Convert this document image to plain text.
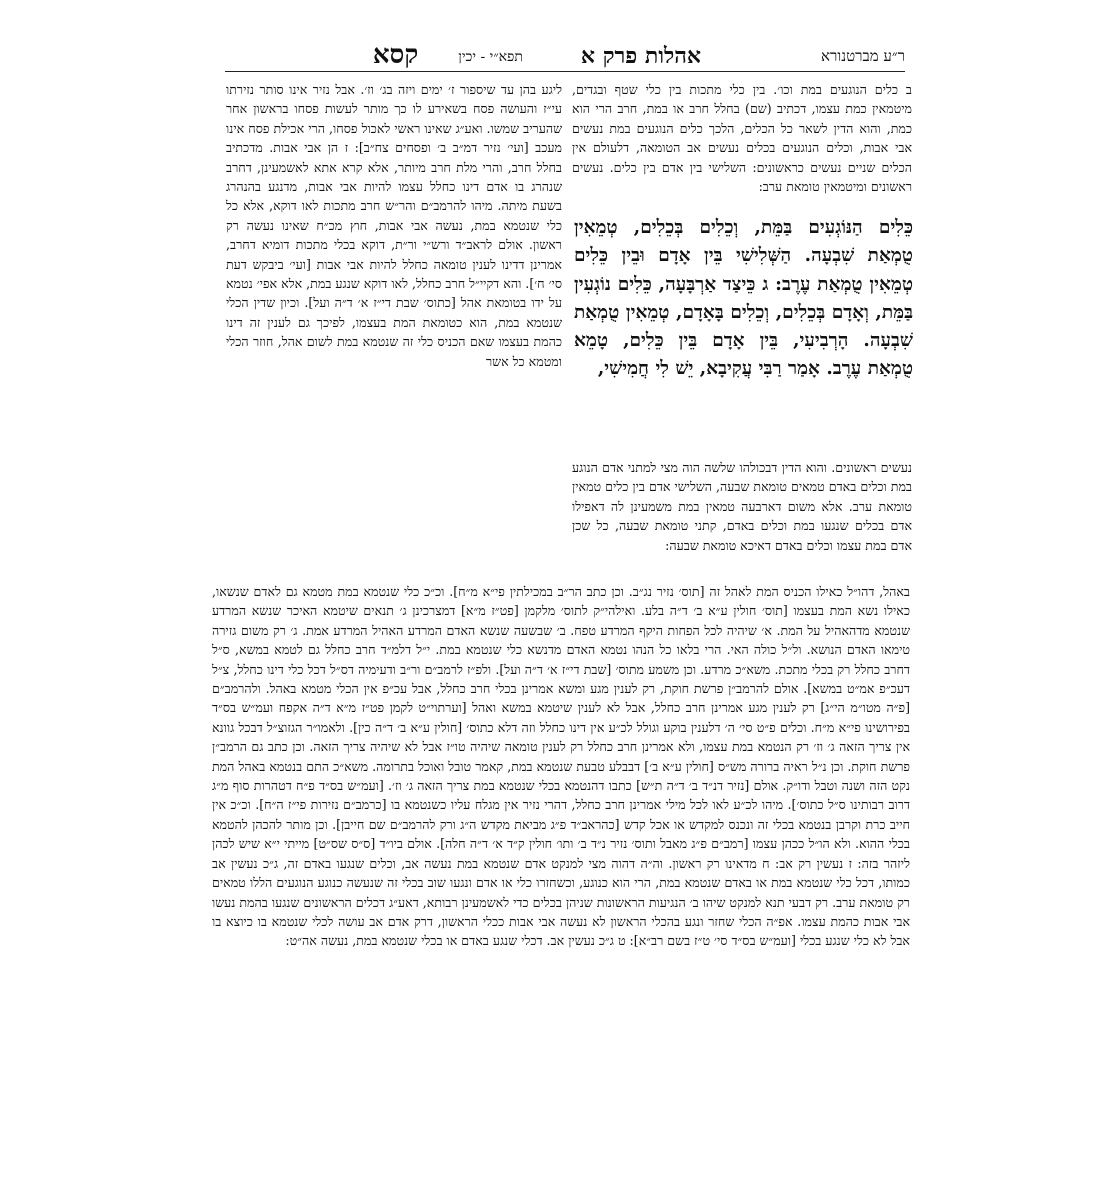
ר״ע מברטנורא
אהלות פרק א
תפא״י - יכין
קסא
ב כלים הנוגעים במת וכו׳. בין כלי מתכות בין כלי שטף ובגדים, מיטמאין כמת עצמו, דכתיב (שם) בחלל חרב או במת, חרב הרי הוא כמת, והוא הדין לשאר כל הכלים, הלכך כלים הנוגעים במת נעשים אבי אבות, וכלים הנוגעים בכלים נעשים אב הטומאה, דלעולם אין הכלים שניים נעשים כראשונים: השלישי בין אדם בין כלים. נעשים ראשונים ומיטמאין טומאת ערב:
כֵּלִים הַנּוֹגְעִים בַּמֵּת, וְכֵלִים בְּכֵלִים, טְמֵאִין טֻמְאַת שִׁבְעָה. הַשְּׁלִישִׁי בֵּין אָדָם וּבֵין כֵּלִים טְמֵאִין טֻמְאַת עֶרֶב: ג כֵּיצַד אַרְבָּעָה, כֵּלִים נוֹגְעִין בַּמֵּת, וְאָדָם בְּכֵלִים, וְכֵלִים בָּאָדָם, טְמֵאִין טֻמְאַת שִׁבְעָה. הָרְבִיעִי, בֵּין אָדָם בֵּין כֵּלִים, טָמֵא טֻמְאַת עֶרֶב. אָמַר רַבִּי עֲקִיבָא, יֵשׁ לִי חֲמִישִׁי,
נעשים ראשונים. והוא הדין דבכולהו שלשה הוה מצי למתני אדם הנוגע במת וכלים באדם טמאים טומאת שבעה, השלישי אדם בין כלים טמאין טומאת ערב. אלא משום דארבעה טמאין במת משמעינן לה דאפילו אדם בכלים שנגעו במת וכלים באדם, קתני טומאת שבעה, כל שכן אדם במת עצמו וכלים באדם דאיכא טומאת שבעה:
ליגע בהן עד שיספור ז׳ ימים ויזה בג׳ וז׳. אבל נזיר אינו סותר נזירתו עי״ז והעושה פסח בשאירע לו כך מותר לעשות פסחו בראשון אחר שהעריב שמשו. ואע״ג שאינו ראשי לאכול פסחו, הרי אכילת פסח אינו מעכב [ועי׳ נזיר דמ״ב ב׳ ופסחים צח״ב]: ז הן אבי אבות. מדכתיב בחלל חרב, והרי מלת חרב מיותר, אלא קרא אתא לאשמעינן, דחרב שנהרג בו אדם דינו כחלל עצמו להיות אבי אבות, מדנגע בהנהרג בשעת מיתה. מיהו להרמב״ם והר״ש חרב מתכות לאו דוקא, אלא כל כלי שנטמא במת, נעשה אבי אבות, חוץ מכ״ח שאינו נעשה רק ראשון. אולם לראב״ד ורש״י ור״ת, דוקא בכלי מתכות דומיא דחרב, אמרינן דדינו לענין טומאה כחלל להיות אבי אבות [ועי׳ ביבקש דעת סי׳ ח׳]. והא דקיי״ל חרב כחלל, לאו דוקא שנגע במת, אלא אפי׳ נטמא על ידו בטומאת אהל [כתוס׳ שבת די״ז א׳ ד״ה ועל]. וכיון שדין הכלי שנטמא במת, הוא כטומאת המת בעצמו, לפיכך גם לענין זה דינו כהמת בעצמו שאם הכניס כלי זה שנטמא במת לשום אהל, חוזר הכלי ומטמא כל אשר
באהל, דהו״ל כאילו הכניס המת לאהל זה [תוס׳ נזיר נג״ב. וכן כתב הר״ב במכילתין פי״א מ״ח]. וכ״כ כלי שנטמא במת מטמא גם לאדם שנשאו, כאילו נשא המת בעצמו [תוס׳ חולין ע״א ב׳ ד״ה בלע. ואילהי״ק לתוס׳ מלקמן [פט״ז מ״א] דמצרכינן ג׳ תנאים שיטמא האיכר שנשא המרדע שנטמא מדהאהיל על המת. א׳ שיהיה לכל הפחות היקף המרדע טפח. ב׳ שבשעה שנשא האדם המרדע האהיל המרדע אמת. ג׳ רק משום גזירה טימאו האדם הנושא. ול״ל כולה האי. הרי בלאו כל הנהו נטמא האדם מדנשא כלי שנטמא במת. י״ל דלמ״ד חרב כחלל גם לטמא במשא, ס״ל דחרב כחלל רק בכלי מתכת. משא״כ מרדע. וכן משמע מתוס׳ [שבת די״ז א׳ ד״ה ועל]. ולפ״ז לרמב״ם ור״ב ודעימיה דס״ל דכל כלי דינו כחלל, צ״ל דעכ״פ אמ״ט במשא]. אולם להרמב״ן פרשת חוקת, רק לענין מגע ומשא אמרינן בכלי חרב כחלל, אבל עכ״פ אין הכלי מטמא באהל. ולהרמב״ם [פ״ה מטו״מ הי״ג] רק לענין מגע אמרינן חרב כחלל, אבל לא לענין שיטמא במשא ואהל [וערתוי״ט לקמן פט״ז מ״א ד״ה אקפח ועמ״ש בס״ד בפירושינו פי״א מ״ח. וכלים פ״ט סי׳ ה׳ דלענין בוקע וגולל לכ״ע אין דינו כחלל וזה דלא כתוס׳ [חולין ע״א ב׳ ד״ה כין]. ולאמו״ר הגזוצ״ל דבכל גוונא אין צריך הזאה ג׳ וז׳ רק הנטמא במת עצמו, ולא אמרינן חרב כחלל רק לענין טומאה שיהיה טו״ז אבל לא שיהיה צריך הזאה. וכן כתב גם הרמב״ן פרשת חוקת. וכן נ״ל ראיה ברורה מש״ס [חולין ע״א ב׳] דבבלע טבעת שנטמא במת, קאמר טובל ואוכל בתרומה. משא״כ התם בנטמא באהל המת נקט הזה ושנה וטבל ודו״ק. אולם [נזיר דנ״ד ב׳ ד״ה ת״ש] כתבו דהנטמא בכלי שנטמא במת צריך הזאה ג׳ וז׳. [ועמ״ש בס״ד פ״ח דטהרות סוף מ״ג דרוב רבותינו ס״ל כתוס׳]. מיהו לכ״ע לאו לכל מילי אמרינן חרב כחלל, דהרי נזיר אין מגלח עליו כשנטמא בו [כרמב״ם נזירות פי״ז ה״ח]. וכ״כ אין חייב כרת וקרבן בנטמא בכלי זה ונכנס למקדש או אכל קדש [כהראב״ד פ״ג מביאת מקדש ה״ג ורק להרמב״ם שם חייבן]. וכן מותר להכהן להטמא בכלי ההוא. ולא הו״ל ככהן עצמו [רמב״ם פ״ג מאבל ותוס׳ נזיר נ״ד ב׳ ותו׳ חולין ק״ד א׳ ד״ה חלה]. אולם ביו״ד [ס״ס שס״ט] מייתי י״א שיש לכהן ליזהר בזה: ז נעשין רק אב: ח מדאינו רק ראשון. וה״ה דהוה מצי למנקט אדם שנטמא במת נעשה אב, וכלים שנגעו באדם זה, ג״כ נעשין אב כמותו, דכל כלי שנטמא במת או באדם שנטמא במת, הרי הוא כנוגע, וכשחזרו כלי או אדם ונגעו שוב בכלי זה שנעשה כנוגע הנוגעים הללו טמאים רק טומאת ערב. רק דבעי תנא למנקט שיהו ב׳ הנגיעות הראשונות שניהן בכלים כדי לאשמעינן רבותא, דאע״ג דכלים הראשונים שנגעו בהמת נעשו אבי אבות כהמת עצמו. אפ״ה הכלי שחזר ונגע בהכלי הראשון לא נעשה אבי אבות ככלי הראשון, דרק אדם אב עושה לכלי שנטמא בו כיוצא בו אבל לא כלי שנגע בכלי [ועמ״ש בס״ד סי׳ ט״ז בשם רב״א]: ט ג״כ נעשין אב. דכלי שנגע באדם או בכלי שנטמא במת, נעשה אה״ט:
